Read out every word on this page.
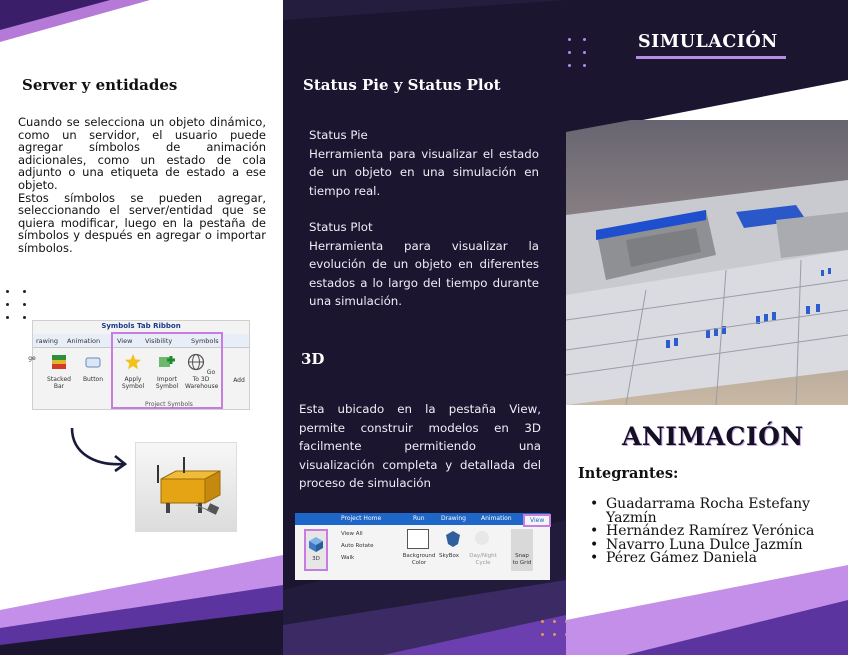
Server y entidades

Cuando se selecciona un objeto dinámico, como un servidor, el usuario puede agregar símbolos de animación adicionales, como un estado de cola adjunto o una etiqueta de estado a ese objeto.

Estos símbolos se pueden agregar, seleccionando el server/entidad que se quiera modificar, luego en la pestaña de símbolos y después en agregar o importar símbolos.

Symbols Tab Ribbon
rawing Animation	View Visibility	Symbols
ge
Stacked Bar
Button	Apply Symbol
Import Symbol
Go To 3D Warehouse
Add
Project Symbols
Status Pie y Status Plot
Status Pie
Herramienta para visualizar el estado de un objeto en una simulación en tiempo real.
Status Plot
Herramienta para visualizar la evolución de un objeto en diferentes estados a lo largo del tiempo durante una simulación.
3D
Esta ubicado en la pestaña View, permite construir modelos en 3D facilmente permitiendo una visualización completa y detallada del proceso de simulación
Project Home	Run	Drawing	Animation	View
3D
View All
Auto Rotate
Walk	Background Color
SkyBox	Day/Night Cycle
Snap to Grid
SIMULACIÓN
ANIMACIÓN
Integrantes:
• Guadarrama Rocha Estefany Yazmín
• Hernández Ramírez Verónica
• Navarro Luna Dulce Jazmín
• Pérez Gámez Daniela
